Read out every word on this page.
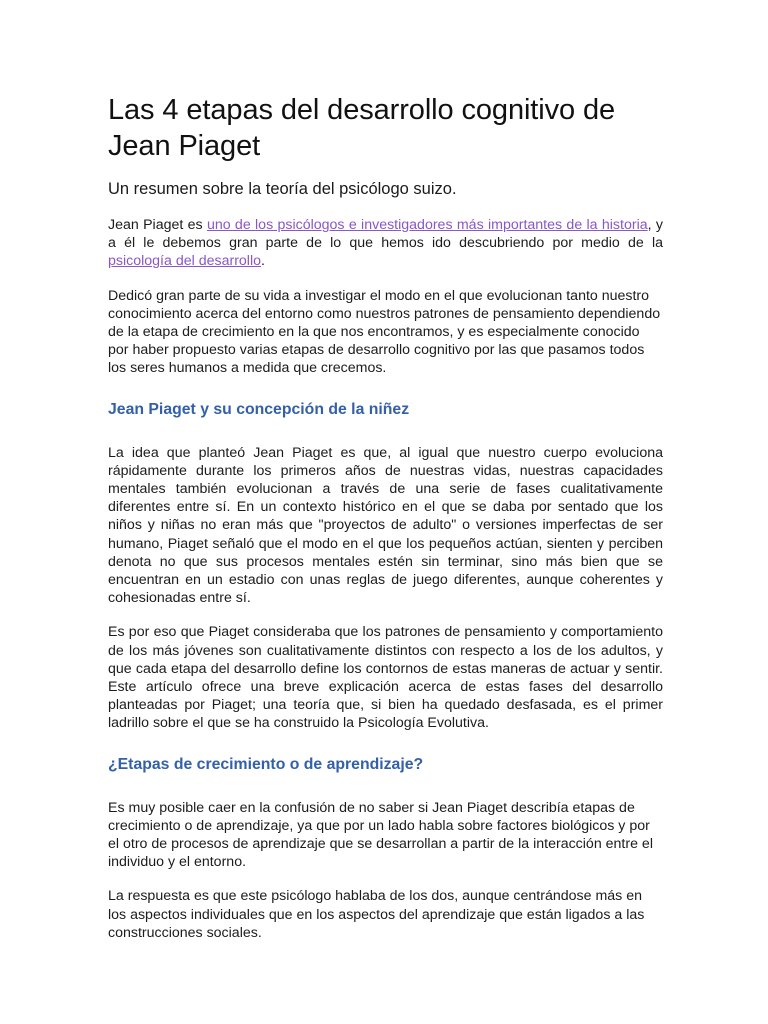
Las 4 etapas del desarrollo cognitivo de Jean Piaget
Un resumen sobre la teoría del psicólogo suizo.

Jean Piaget es uno de los psicólogos e investigadores más importantes de la historia, y a él le debemos gran parte de lo que hemos ido descubriendo por medio de la psicología del desarrollo.

Dedicó gran parte de su vida a investigar el modo en el que evolucionan tanto nuestro conocimiento acerca del entorno como nuestros patrones de pensamiento dependiendo de la etapa de crecimiento en la que nos encontramos, y es especialmente conocido por haber propuesto varias etapas de desarrollo cognitivo por las que pasamos todos los seres humanos a medida que crecemos.

Jean Piaget y su concepción de la niñez

La idea que planteó Jean Piaget es que, al igual que nuestro cuerpo evoluciona rápidamente durante los primeros años de nuestras vidas, nuestras capacidades mentales también evolucionan a través de una serie de fases cualitativamente diferentes entre sí. En un contexto histórico en el que se daba por sentado que los niños y niñas no eran más que "proyectos de adulto" o versiones imperfectas de ser humano, Piaget señaló que el modo en el que los pequeños actúan, sienten y perciben denota no que sus procesos mentales estén sin terminar, sino más bien que se encuentran en un estadio con unas reglas de juego diferentes, aunque coherentes y cohesionadas entre sí.

Es por eso que Piaget consideraba que los patrones de pensamiento y comportamiento de los más jóvenes son cualitativamente distintos con respecto a los de los adultos, y que cada etapa del desarrollo define los contornos de estas maneras de actuar y sentir. Este artículo ofrece una breve explicación acerca de estas fases del desarrollo planteadas por Piaget; una teoría que, si bien ha quedado desfasada, es el primer ladrillo sobre el que se ha construido la Psicología Evolutiva.

¿Etapas de crecimiento o de aprendizaje?

Es muy posible caer en la confusión de no saber si Jean Piaget describía etapas de crecimiento o de aprendizaje, ya que por un lado habla sobre factores biológicos y por el otro de procesos de aprendizaje que se desarrollan a partir de la interacción entre el individuo y el entorno.

La respuesta es que este psicólogo hablaba de los dos, aunque centrándose más en los aspectos individuales que en los aspectos del aprendizaje que están ligados a las construcciones sociales.
